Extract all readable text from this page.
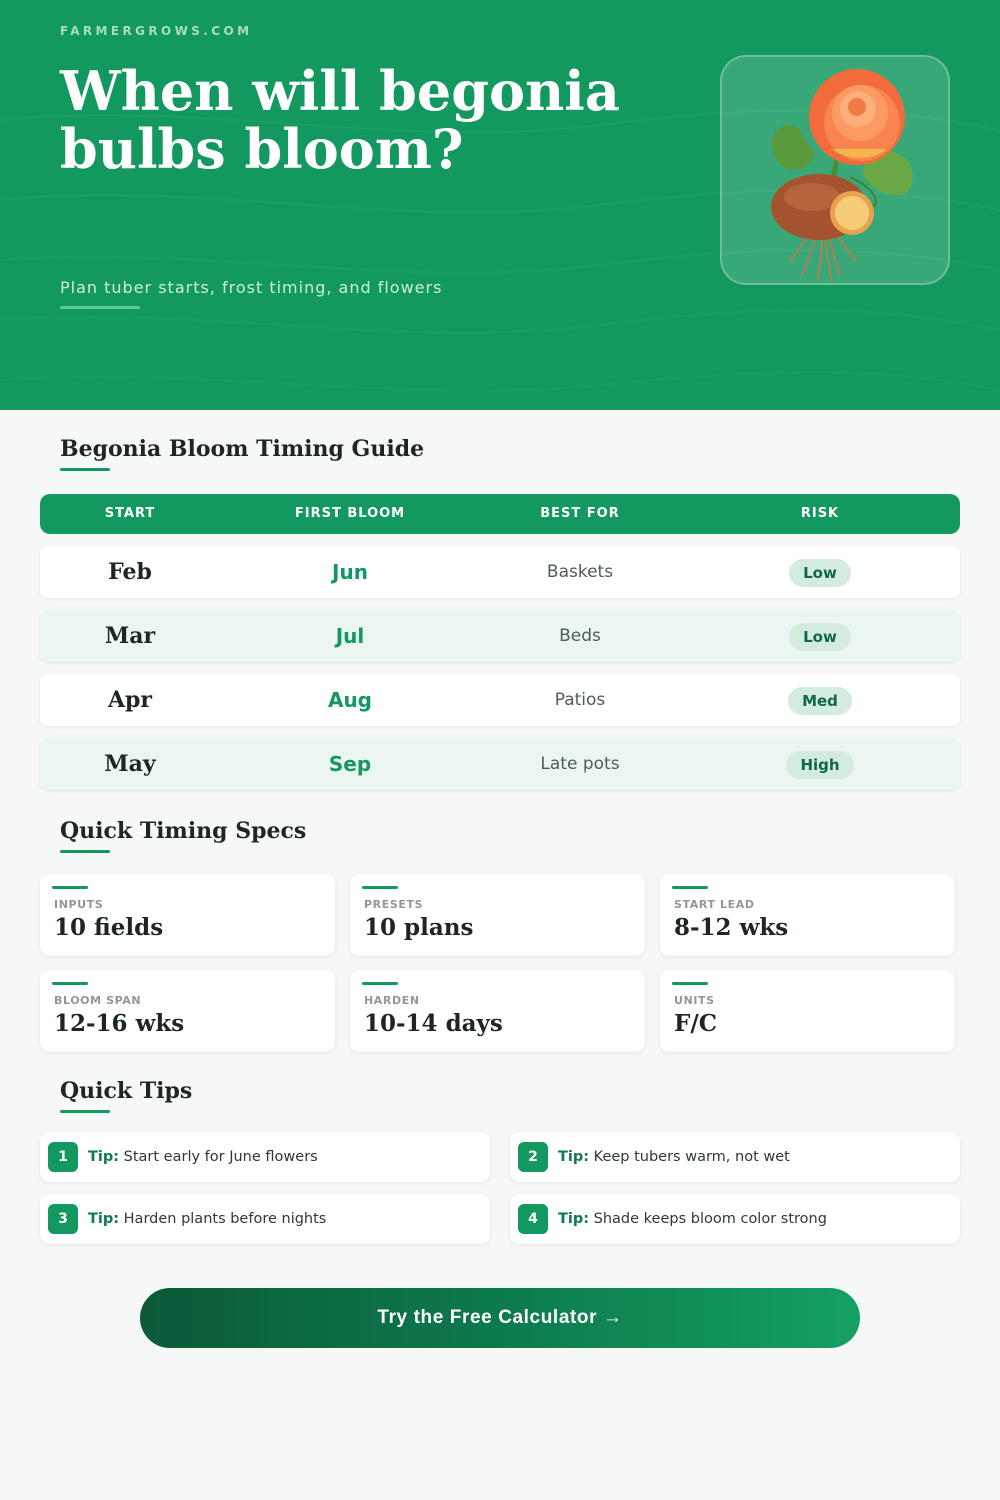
FARMERGROWS.COM
When will begonia bulbs bloom?
Plan tuber starts, frost timing, and flowers
Begonia Bloom Timing Guide
START	FIRST BLOOM	BEST FOR	RISK
Feb	Jun	Baskets	Low
Mar	Jul	Beds	Low
Apr	Aug	Patios	Med
May	Sep	Late pots	High
Quick Timing Specs
INPUTS
10 fields
PRESETS
10 plans
START LEAD
8-12 wks
BLOOM SPAN
12-16 wks
HARDEN
10-14 days
UNITS
F/C
Quick Tips
1	Tip: Start early for June flowers	2	Tip: Keep tubers warm, not wet
3	Tip: Harden plants before nights	4	Tip: Shade keeps bloom color strong
Try the Free Calculator →
